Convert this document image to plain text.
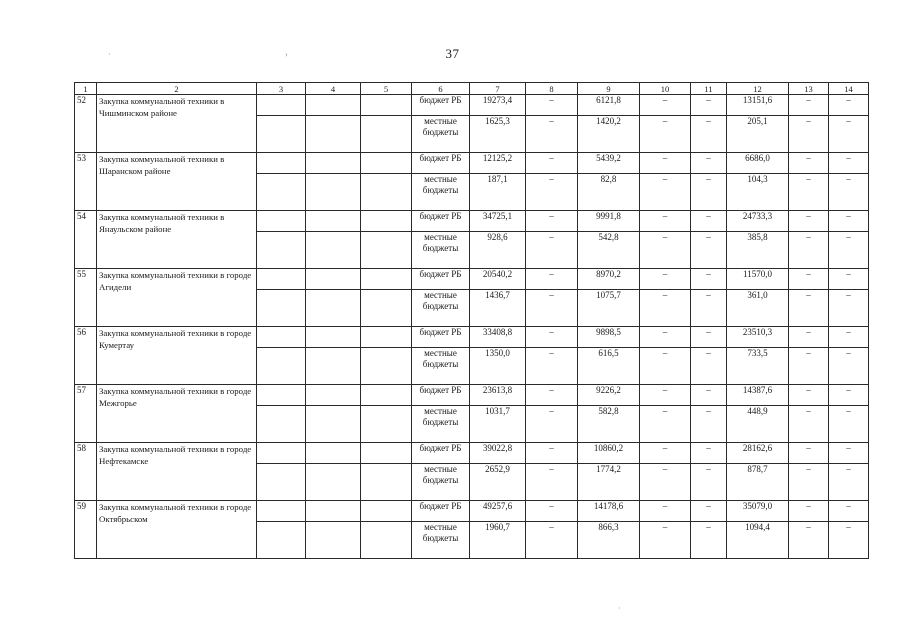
37
1	2	3	4	5	6	7	8	9	10	11	12	13	14
52	Закупка коммунальной техники в Чишминском районе				бюджет РБ	19273,4	–	6121,8	–	–	13151,6	–	–
					местные бюджеты	1625,3	–	1420,2	–	–	205,1	–	–
53	Закупка коммунальной техники в Шаранском районе				бюджет РБ	12125,2	–	5439,2	–	–	6686,0	–	–
					местные бюджеты	187,1	–	82,8	–	–	104,3	–	–
54	Закупка коммунальной техники в Янаульском районе				бюджет РБ	34725,1	–	9991,8	–	–	24733,3	–	–
					местные бюджеты	928,6	–	542,8	–	–	385,8	–	–
55	Закупка коммунальной техники в городе Агидели				бюджет РБ	20540,2	–	8970,2	–	–	11570,0	–	–
					местные бюджеты	1436,7	–	1075,7	–	–	361,0	–	–
56	Закупка коммунальной техники в городе Кумертау				бюджет РБ	33408,8	–	9898,5	–	–	23510,3	–	–
					местные бюджеты	1350,0	–	616,5	–	–	733,5	–	–
57	Закупка коммунальной техники в городе Межгорье				бюджет РБ	23613,8	–	9226,2	–	–	14387,6	–	–
					местные бюджеты	1031,7	–	582,8	–	–	448,9	–	–
58	Закупка коммунальной техники в городе Нефтекамске				бюджет РБ	39022,8	–	10860,2	–	–	28162,6	–	–
					местные бюджеты	2652,9	–	1774,2	–	–	878,7	–	–
59	Закупка коммунальной техники в городе Октябрьском				бюджет РБ	49257,6	–	14178,6	–	–	35079,0	–	–
					местные бюджеты	1960,7	–	866,3	–	–	1094,4	–	–
·	›
·
